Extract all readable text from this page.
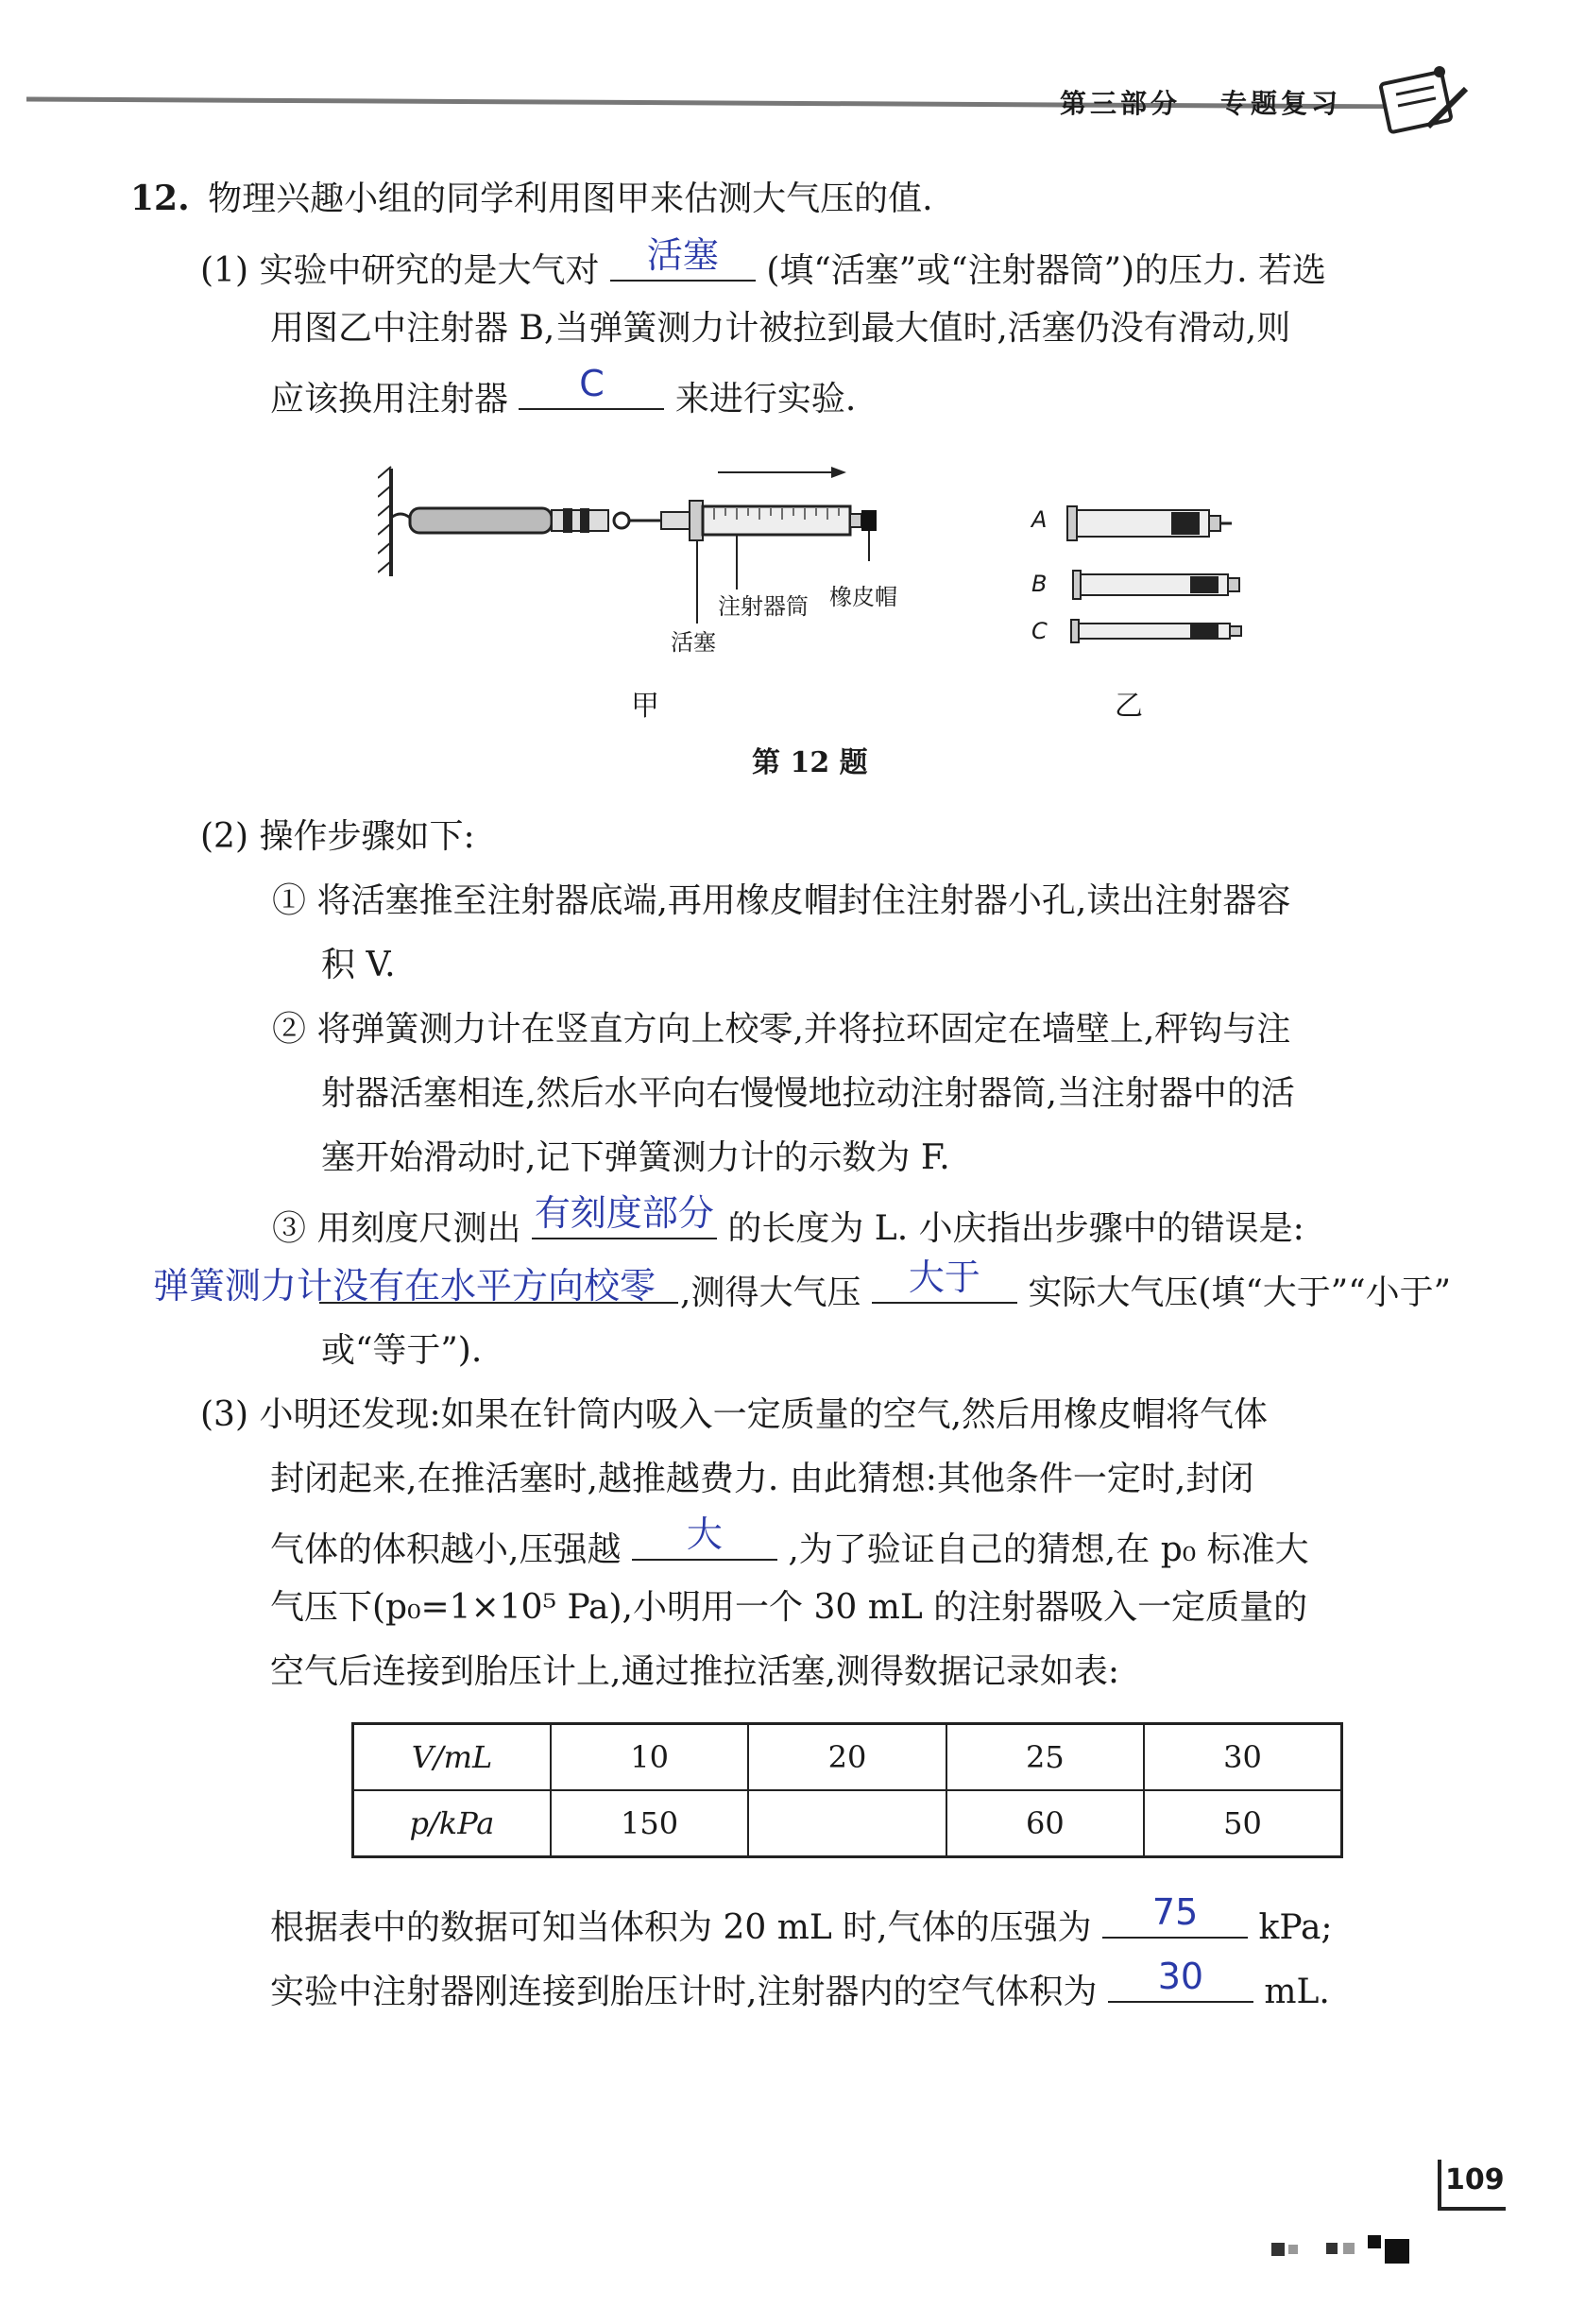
第三部分 专题复习
12. 物理兴趣小组的同学利用图甲来估测大气压的值.
(1) 实验中研究的是大气对	活塞	(填“活塞”或“注射器筒”)的压力. 若选
用图乙中注射器 B,当弹簧测力计被拉到最大值时,活塞仍没有滑动,则
应该换用注射器	C	来进行实验.
注射器筒 橡皮帽
活塞
甲
A
B
C
乙
第 12 题
(2) 操作步骤如下:
① 将活塞推至注射器底端,再用橡皮帽封住注射器小孔,读出注射器容
积 V.
② 将弹簧测力计在竖直方向上校零,并将拉环固定在墙壁上,秤钩与注
射器活塞相连,然后水平向右慢慢地拉动注射器筒,当注射器中的活
塞开始滑动时,记下弹簧测力计的示数为 F.
③ 用刻度尺测出 有刻度部分 的长度为 L. 小庆指出步骤中的错误是:
弹簧测力计没有在水平方向校零 ,测得大气压	大于	实际大气压(填“大于”“小于”
或“等于”).
(3) 小明还发现:如果在针筒内吸入一定质量的空气,然后用橡皮帽将气体
封闭起来,在推活塞时,越推越费力. 由此猜想:其他条件一定时,封闭
气体的体积越小,压强越	大	,为了验证自己的猜想,在 p₀ 标准大
气压下(p₀=1×10⁵ Pa),小明用一个 30 mL 的注射器吸入一定质量的
空气后连接到胎压计上,通过推拉活塞,测得数据记录如表:
V/mL	10	20	25	30
p/kPa	150		60	50
根据表中的数据可知当体积为 20 mL 时,气体的压强为	75	kPa;
实验中注射器刚连接到胎压计时,注射器内的空气体积为	30	mL.
109
